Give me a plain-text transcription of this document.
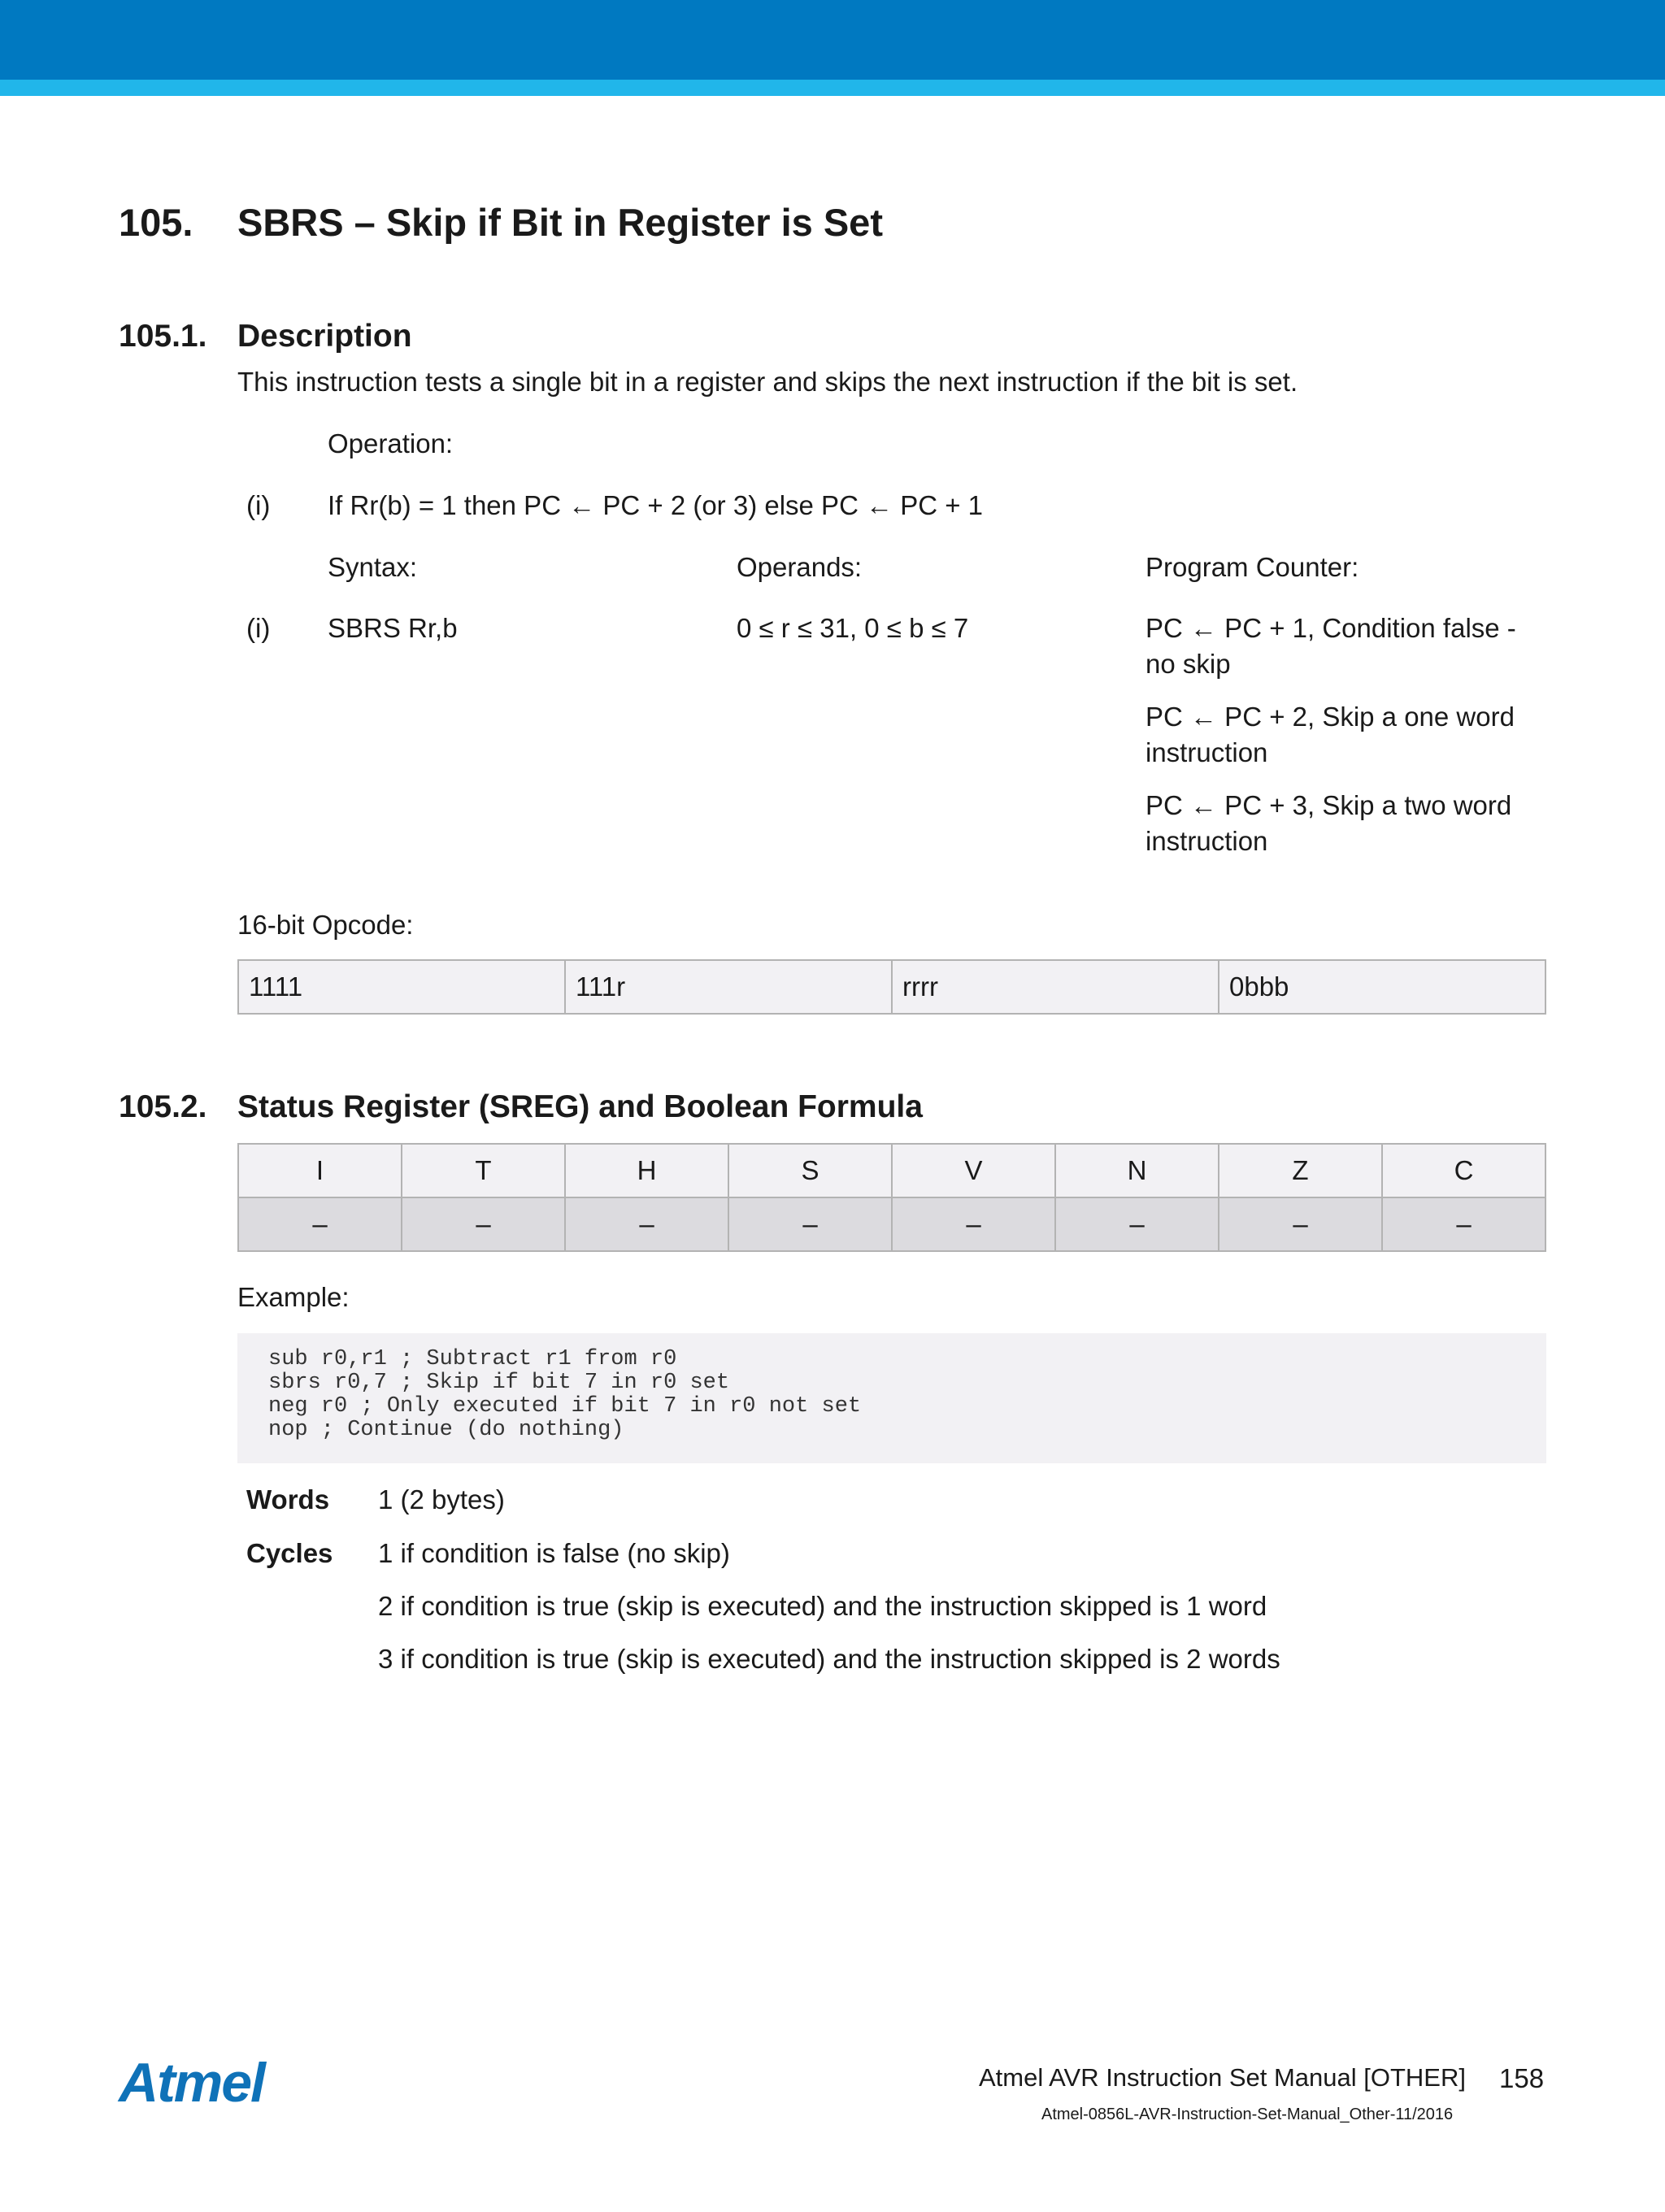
105. SBRS – Skip if Bit in Register is Set
105.1. Description
This instruction tests a single bit in a register and skips the next instruction if the bit is set.
Operation:
(i) If Rr(b) = 1 then PC ← PC + 2 (or 3) else PC ← PC + 1
Syntax:	Operands:	Program Counter:
(i) SBRS Rr,b	0 ≤ r ≤ 31, 0 ≤ b ≤ 7	PC ← PC + 1, Condition false -
no skip
PC ← PC + 2, Skip a one word
instruction
PC ← PC + 3, Skip a two word
instruction
16-bit Opcode:
1111	111r	rrrr	0bbb
105.2. Status Register (SREG) and Boolean Formula
I	T	H	S	V	N	Z	C
–	–	–	–	–	–	–	–
Example:
sub r0,r1 ; Subtract r1 from r0
sbrs r0,7 ; Skip if bit 7 in r0 set
neg r0 ; Only executed if bit 7 in r0 not set
nop ; Continue (do nothing)
Words 1 (2 bytes)
Cycles 1 if condition is false (no skip)
2 if condition is true (skip is executed) and the instruction skipped is 1 word
3 if condition is true (skip is executed) and the instruction skipped is 2 words
Atmel	Atmel AVR Instruction Set Manual [OTHER] 158
Atmel-0856L-AVR-Instruction-Set-Manual_Other-11/2016
